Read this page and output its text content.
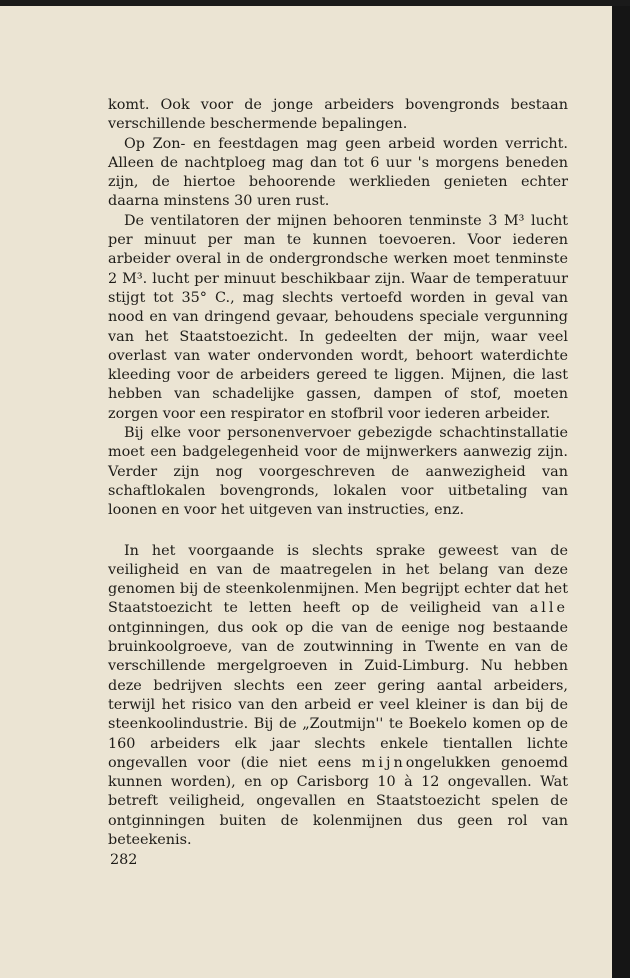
komt. Ook voor de jonge arbeiders bovengronds bestaan verschillende beschermende bepalingen.

Op Zon- en feestdagen mag geen arbeid worden verricht. Alleen de nachtploeg mag dan tot 6 uur 's morgens beneden zijn, de hiertoe behoorende werklieden genieten echter daarna minstens 30 uren rust.

De ventilatoren der mijnen behooren tenminste 3 M³ lucht per minuut per man te kunnen toevoeren. Voor iederen arbeider overal in de ondergrondsche werken moet tenminste 2 M³. lucht per minuut beschikbaar zijn. Waar de temperatuur stijgt tot 35° C., mag slechts vertoefd worden in geval van nood en van dringend gevaar, behoudens speciale vergunning van het Staatstoezicht. In gedeelten der mijn, waar veel overlast van water ondervonden wordt, behoort waterdichte kleeding voor de arbeiders gereed te liggen. Mijnen, die last hebben van schadelijke gassen, dampen of stof, moeten zorgen voor een respirator en stofbril voor iederen arbeider.

Bij elke voor personenvervoer gebezigde schachtinstallatie moet een badgelegenheid voor de mijnwerkers aanwezig zijn. Verder zijn nog voorgeschreven de aanwezigheid van schaftlokalen bovengronds, lokalen voor uitbetaling van loonen en voor het uitgeven van instructies, enz.

In het voorgaande is slechts sprake geweest van de veiligheid en van de maatregelen in het belang van deze genomen bij de steenkolenmijnen. Men begrijpt echter dat het Staatstoezicht te letten heeft op de veiligheid van alle ontginningen, dus ook op die van de eenige nog bestaande bruinkoolgroeve, van de zoutwinning in Twente en van de verschillende mergelgroeven in Zuid-Limburg. Nu hebben deze bedrijven slechts een zeer gering aantal arbeiders, terwijl het risico van den arbeid er veel kleiner is dan bij de steenkoolindustrie. Bij de „Zoutmijn'' te Boekelo komen op de 160 arbeiders elk jaar slechts enkele tientallen lichte ongevallen voor (die niet eens mijnongelukken genoemd kunnen worden), en op Carisborg 10 à 12 ongevallen. Wat betreft veiligheid, ongevallen en Staatstoezicht spelen de ontginningen buiten de kolenmijnen dus geen rol van beteekenis.

282
